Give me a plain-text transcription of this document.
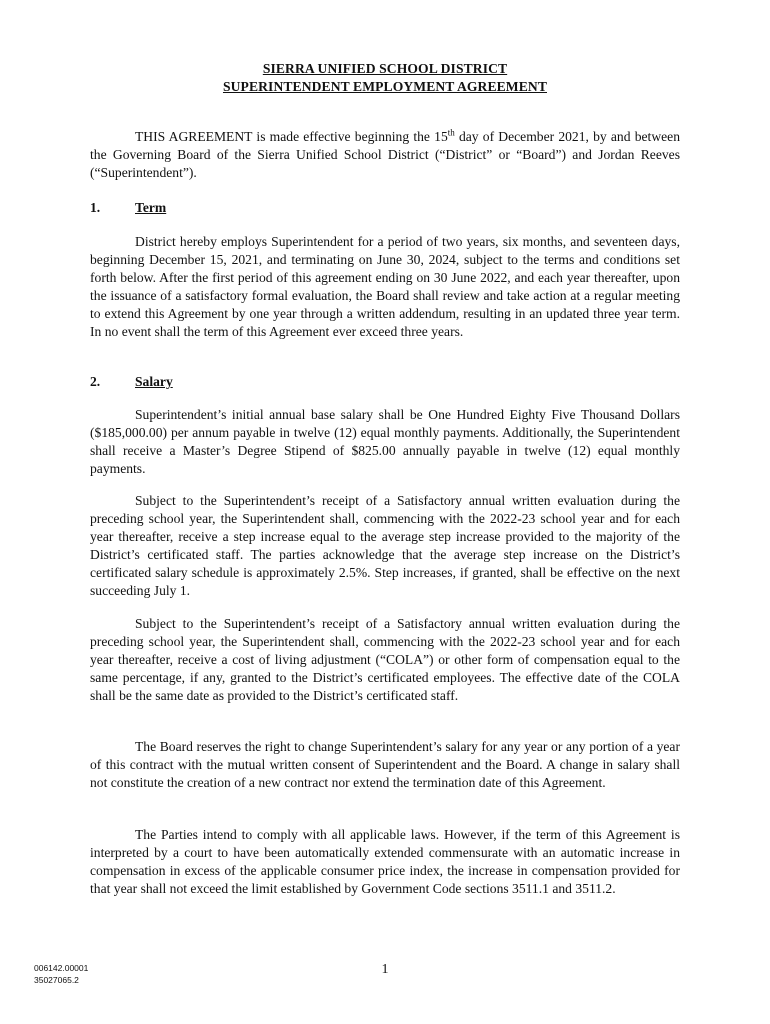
SIERRA UNIFIED SCHOOL DISTRICT
SUPERINTENDENT EMPLOYMENT AGREEMENT

THIS AGREEMENT is made effective beginning the 15th day of December 2021, by and between the Governing Board of the Sierra Unified School District (“District” or “Board”) and Jordan Reeves (“Superintendent”).

1.	Term

District hereby employs Superintendent for a period of two years, six months, and seventeen days, beginning December 15, 2021, and terminating on June 30, 2024, subject to the terms and conditions set forth below. After the first period of this agreement ending on 30 June 2022, and each year thereafter, upon the issuance of a satisfactory formal evaluation, the Board shall review and take action at a regular meeting to extend this Agreement by one year through a written addendum, resulting in an updated three year term. In no event shall the term of this Agreement ever exceed three years.

2.	Salary

Superintendent’s initial annual base salary shall be One Hundred Eighty Five Thousand Dollars ($185,000.00) per annum payable in twelve (12) equal monthly payments. Additionally, the Superintendent shall receive a Master’s Degree Stipend of $825.00 annually payable in twelve (12) equal monthly payments.

Subject to the Superintendent’s receipt of a Satisfactory annual written evaluation during the preceding school year, the Superintendent shall, commencing with the 2022-23 school year and for each year thereafter, receive a step increase equal to the average step increase provided to the majority of the District’s certificated staff. The parties acknowledge that the average step increase on the District’s certificated salary schedule is approximately 2.5%. Step increases, if granted, shall be effective on the next succeeding July 1.

Subject to the Superintendent’s receipt of a Satisfactory annual written evaluation during the preceding school year, the Superintendent shall, commencing with the 2022-23 school year and for each year thereafter, receive a cost of living adjustment (“COLA”) or other form of compensation equal to the same percentage, if any, granted to the District’s certificated employees. The effective date of the COLA shall be the same date as provided to the District’s certificated staff.

The Board reserves the right to change Superintendent’s salary for any year or any portion of a year of this contract with the mutual written consent of Superintendent and the Board. A change in salary shall not constitute the creation of a new contract nor extend the termination date of this Agreement.

The Parties intend to comply with all applicable laws. However, if the term of this Agreement is interpreted by a court to have been automatically extended commensurate with an automatic increase in compensation in excess of the applicable consumer price index, the increase in compensation provided for that year shall not exceed the limit established by Government Code sections 3511.1 and 3511.2.

006142.00001
35027065.2
1
